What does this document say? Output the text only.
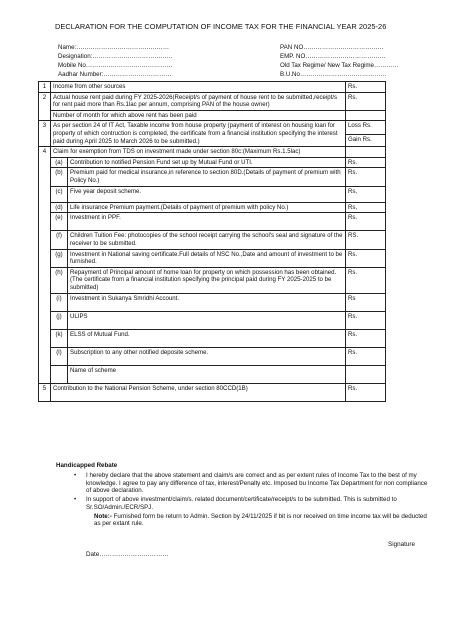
DECLARATION FOR THE COMPUTATION OF INCOME TAX FOR THE FINANCIAL YEAR 2025-26
Name:………………………………………	PAN NO…………………………………
Designation:…………………………………	EMP. NO…………………………………
Mobile No……………………………………	Old Tax Regime/ New Tax Regime…………
Aadhar Number:……………………………	B.U.No……………………………………
1	Income from other sources		Rs.
2	Actual house rent paid during FY 2025-2026(Receipt/s of payment of house rent to be submitted,receipt/s for rent paid more than Rs.1lac per annum, comprising PAN of the house owner)		Rs.
	Number of month for which above rent has been paid		
3	As per section 24 of IT Act, Taxable income from house property (payment of interest on housing loan for property of which contruction is completed, the certificate from a financial institution specifying the interest paid during April 2025 to March 2026 to be submitted.)		Loss Rs.
Gain Rs.

4	Claim for exemption from TDS on investment made under section 80c:(Maximum Rs.1.5lac)		
	(a)	Contribution to notified Pension Fund set up by Mutual Fund or UTI.	Rs.
	(b)	Premium paid for medical insurance,in reference to section 80D.(Details of payment of premium with Policy No.)	Rs.
	(c)	Five year deposit scheme.	Rs,
	(d)	Life insurance Premium payment.(Details of payment of premium with policy No.)	Rs,
	(e)	Investment in PPF.	Rs.
	(f)	Children Tuition Fee: photocopies of the school receipt carrying the school's seal and signature of the receiver to be submitted.	RS.
	(g)	Investment in National saving certificate.Full details of NSC No.,Date and amount of investment to be furnished.	Rs.
	(h)	Repayment of Principal amount of home loan for property on which possession has been obtained.(The certificate from a financial institution specifying the principal paid during FY 2025-2025 to be submitted)	Rs.
	(i)	Investment in Sukanya Smridhi Account.	Rs
	(j)	ULIPS	Rs.
	(k)	ELSS of Mutual Fund.	Rs.
	(l)	Subscription to any other notified deposite scheme.	Rs.
		Name of scheme	
5	Contribution to the National Pension Scheme, under section 80CCD(1B)		Rs.
Handicapped Rebate
•	I hereby declare that the above statement and claim/s are correct and as per extent rules of Income Tax to the best of my knowledge. I agree to pay any difference of tax, interest/Penalty etc. Imposed bu Income Tax Department for non compliance of above declaration.
•	In support of above investment/claim/s. related document/certificate/receipt/s to be submitted. This is submitted to Sr.SO/Admin./ECR/SPJ.
Note:- Furnished form be return to Admin. Section by 24/11/2025 if bit is nor received on time income tax will be deducted as per extant rule.
Signature
Date……………………………
